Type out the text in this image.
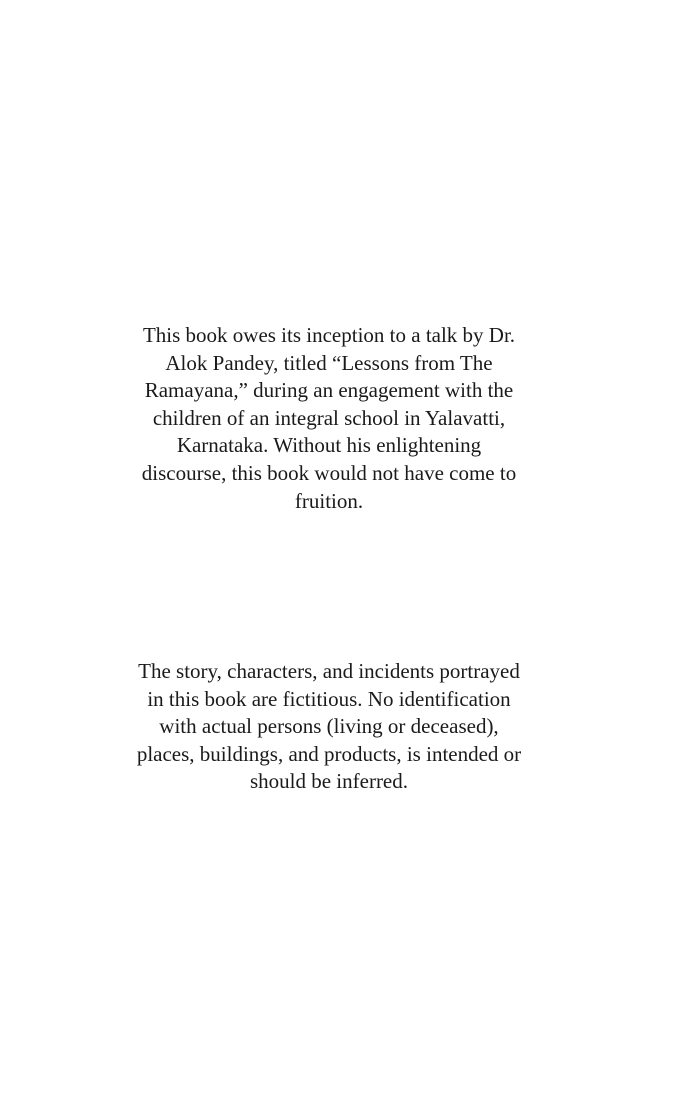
This book owes its inception to a talk by Dr. Alok Pandey, titled “Lessons from The Ramayana,” during an engagement with the children of an integral school in Yalavatti, Karnataka. Without his enlightening discourse, this book would not have come to fruition.

The story, characters, and incidents portrayed in this book are fictitious. No identification with actual persons (living or deceased), places, buildings, and products, is intended or should be inferred.
